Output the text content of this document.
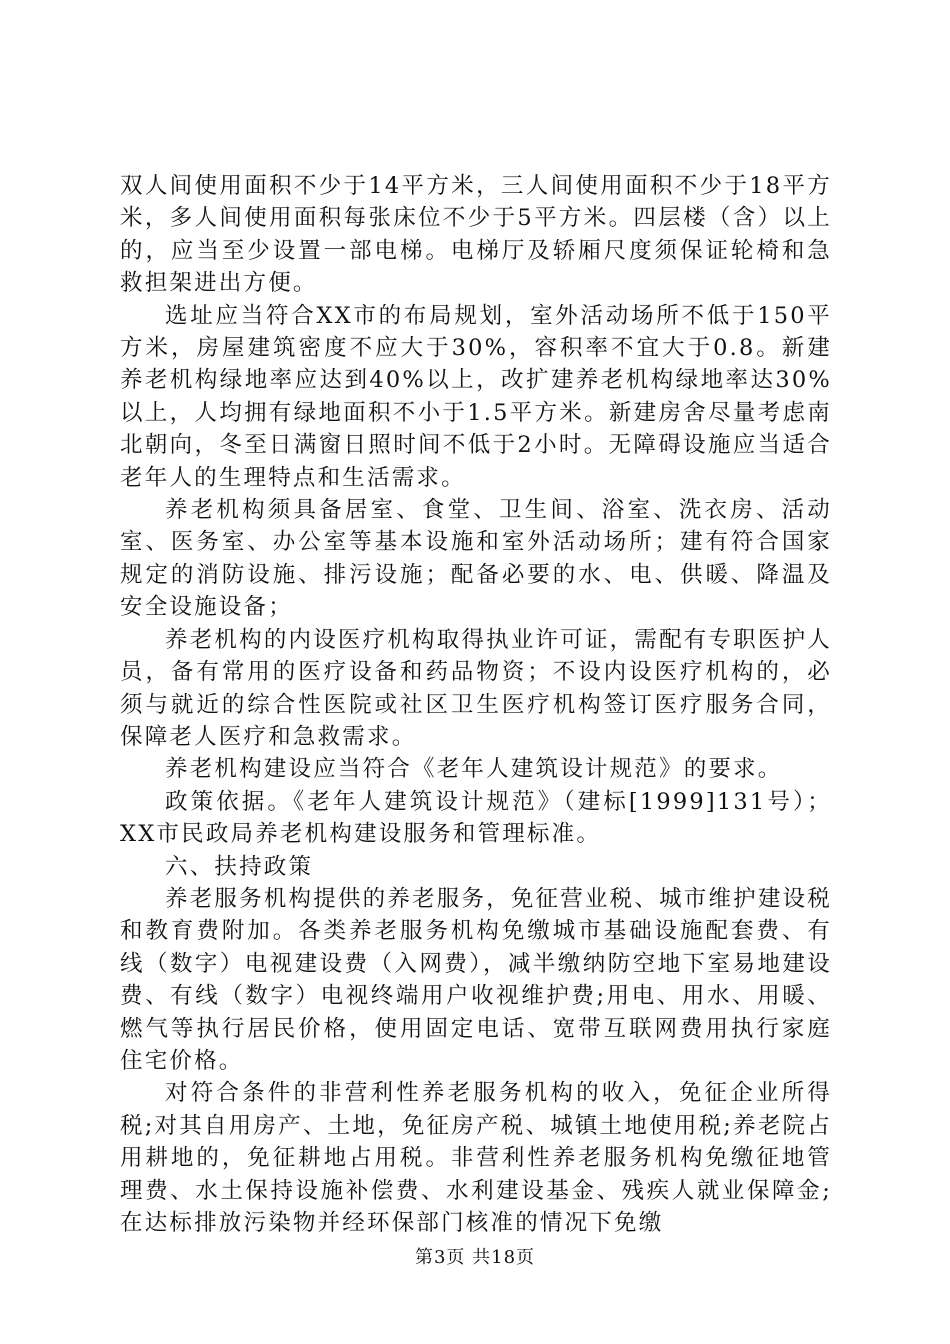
双人间使用面积不少于14平方米，三人间使用面积不少于18平方米，多人间使用面积每张床位不少于5平方米。四层楼（含）以上的，应当至少设置一部电梯。电梯厅及轿厢尺度须保证轮椅和急救担架进出方便。

选址应当符合XX市的布局规划，室外活动场所不低于150平方米，房屋建筑密度不应大于30%，容积率不宜大于0.8。新建养老机构绿地率应达到40%以上，改扩建养老机构绿地率达30%以上，人均拥有绿地面积不小于1.5平方米。新建房舍尽量考虑南北朝向，冬至日满窗日照时间不低于2小时。无障碍设施应当适合老年人的生理特点和生活需求。

养老机构须具备居室、食堂、卫生间、浴室、洗衣房、活动室、医务室、办公室等基本设施和室外活动场所；建有符合国家规定的消防设施、排污设施；配备必要的水、电、供暖、降温及安全设施设备；

养老机构的内设医疗机构取得执业许可证，需配有专职医护人员，备有常用的医疗设备和药品物资；不设内设医疗机构的，必须与就近的综合性医院或社区卫生医疗机构签订医疗服务合同，保障老人医疗和急救需求。

养老机构建设应当符合《老年人建筑设计规范》的要求。

政策依据。《老年人建筑设计规范》（建标[1999]131号）；XX市民政局养老机构建设服务和管理标准。

六、扶持政策

养老服务机构提供的养老服务，免征营业税、城市维护建设税和教育费附加。各类养老服务机构免缴城市基础设施配套费、有线（数字）电视建设费（入网费），减半缴纳防空地下室易地建设费、有线（数字）电视终端用户收视维护费;用电、用水、用暖、燃气等执行居民价格，使用固定电话、宽带互联网费用执行家庭住宅价格。

对符合条件的非营利性养老服务机构的收入，免征企业所得税;对其自用房产、土地，免征房产税、城镇土地使用税;养老院占用耕地的，免征耕地占用税。非营利性养老服务机构免缴征地管理费、水土保持设施补偿费、水利建设基金、残疾人就业保障金;在达标排放污染物并经环保部门核准的情况下免缴

第3页 共18页
